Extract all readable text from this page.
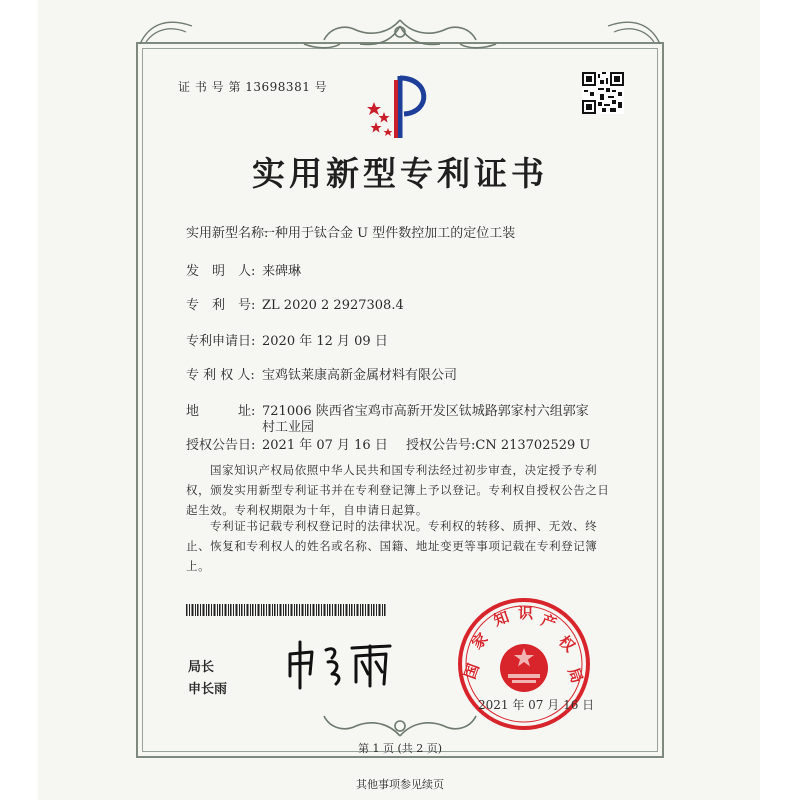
证 书 号 第 13698381 号
实用新型专利证书
实用新型名称:一种用于钛合金 U 型件数控加工的定位工装
发　明　人: 来碑琳
专　利　号: ZL 2020 2 2927308.4
专利申请日: 2020 年 12 月 09 日
专 利 权 人: 宝鸡钛莱康高新金属材料有限公司
地　　　址: 721006 陕西省宝鸡市高新开发区钛城路郭家村六组郭家
村工业园
授权公告日: 2021 年 07 月 16 日 授权公告号:CN 213702529 U
国家知识产权局依照中华人民共和国专利法经过初步审查，决定授予专利权，颁发实用新型专利证书并在专利登记簿上予以登记。专利权自授权公告之日起生效。专利权期限为十年，自申请日起算。
专利证书记载专利权登记时的法律状况。专利权的转移、质押、无效、终止、恢复和专利权人的姓名或名称、国籍、地址变更等事项记载在专利登记簿上。
局长
申长雨
国
家
知 识 产
权
局
2021 年 07 月 16 日
第 1 页 (共 2 页)
其他事项参见续页
